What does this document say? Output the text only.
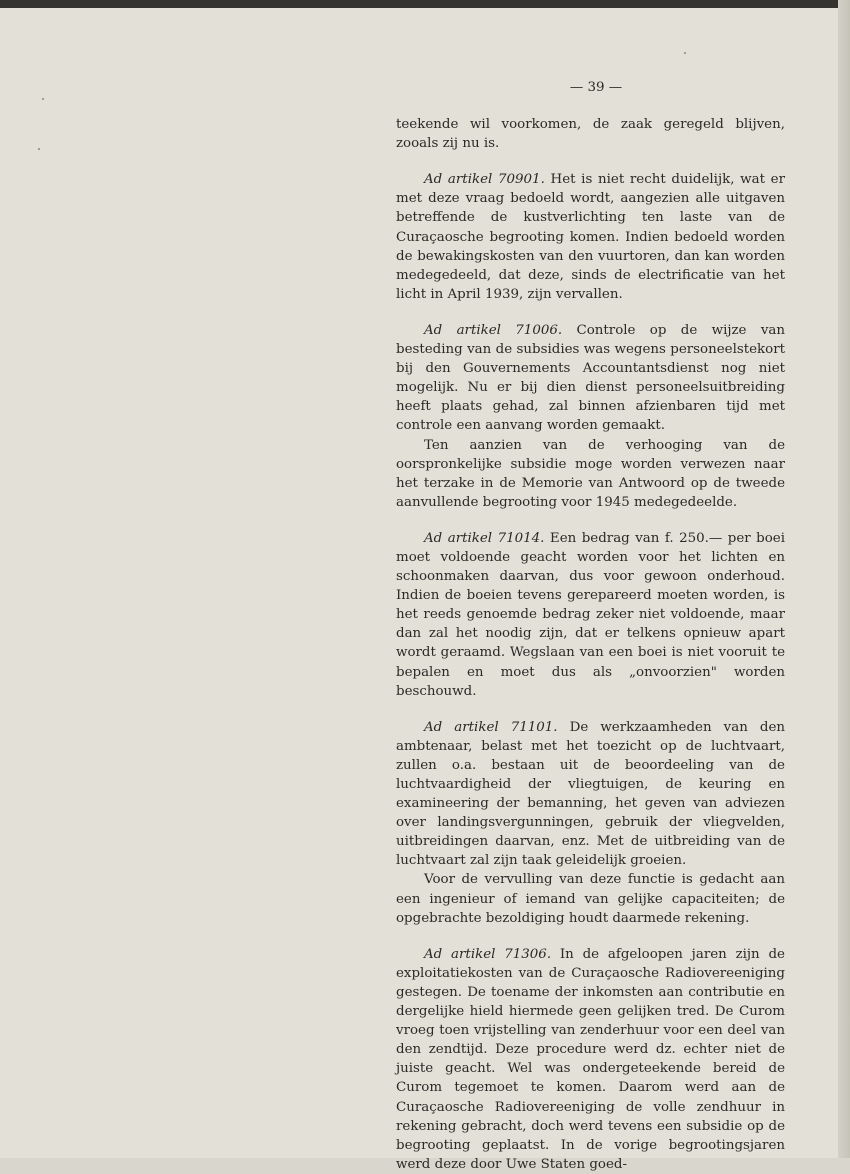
— 39 —

teekende wil voorkomen, de zaak geregeld blijven, zooals zij nu is.

Ad artikel 70901. Het is niet recht duidelijk, wat er met deze vraag bedoeld wordt, aangezien alle uitgaven betreffende de kustverlichting ten laste van de Curaçaosche begrooting komen. Indien bedoeld worden de bewakingskosten van den vuurtoren, dan kan worden medegedeeld, dat deze, sinds de electrificatie van het licht in April 1939, zijn vervallen.

Ad artikel 71006. Controle op de wijze van besteding van de subsidies was wegens personeelstekort bij den Gouvernements Accountantsdienst nog niet mogelijk. Nu er bij dien dienst personeelsuitbreiding heeft plaats gehad, zal binnen afzienbaren tijd met controle een aanvang worden gemaakt.

Ten aanzien van de verhooging van de oorspronkelijke subsidie moge worden verwezen naar het terzake in de Memorie van Antwoord op de tweede aanvullende begrooting voor 1945 medegedeelde.

Ad artikel 71014. Een bedrag van f. 250.— per boei moet voldoende geacht worden voor het lichten en schoonmaken daarvan, dus voor gewoon onderhoud. Indien de boeien tevens gerepareerd moeten worden, is het reeds genoemde bedrag zeker niet voldoende, maar dan zal het noodig zijn, dat er telkens opnieuw apart wordt geraamd. Wegslaan van een boei is niet vooruit te bepalen en moet dus als „onvoorzien" worden beschouwd.

Ad artikel 71101. De werkzaamheden van den ambtenaar, belast met het toezicht op de luchtvaart, zullen o.a. bestaan uit de beoordeeling van de luchtvaardigheid der vliegtuigen, de keuring en examineering der bemanning, het geven van adviezen over landingsvergunningen, gebruik der vliegvelden, uitbreidingen daarvan, enz. Met de uitbreiding van de luchtvaart zal zijn taak geleidelijk groeien.

Voor de vervulling van deze functie is gedacht aan een ingenieur of iemand van gelijke capaciteiten; de opgebrachte bezoldiging houdt daarmede rekening.

Ad artikel 71306. In de afgeloopen jaren zijn de exploitatiekosten van de Curaçaosche Radiovereeniging gestegen. De toename der inkomsten aan contributie en dergelijke hield hiermede geen gelijken tred. De Curom vroeg toen vrijstelling van zenderhuur voor een deel van den zendtijd. Deze procedure werd dz. echter niet de juiste geacht. Wel was ondergeteekende bereid de Curom tegemoet te komen. Daarom werd aan de Curaçaosche Radiovereeniging de volle zendhuur in rekening gebracht, doch werd tevens een subsidie op de begrooting geplaatst. In de vorige begrootingsjaren werd deze door Uwe Staten goed-
